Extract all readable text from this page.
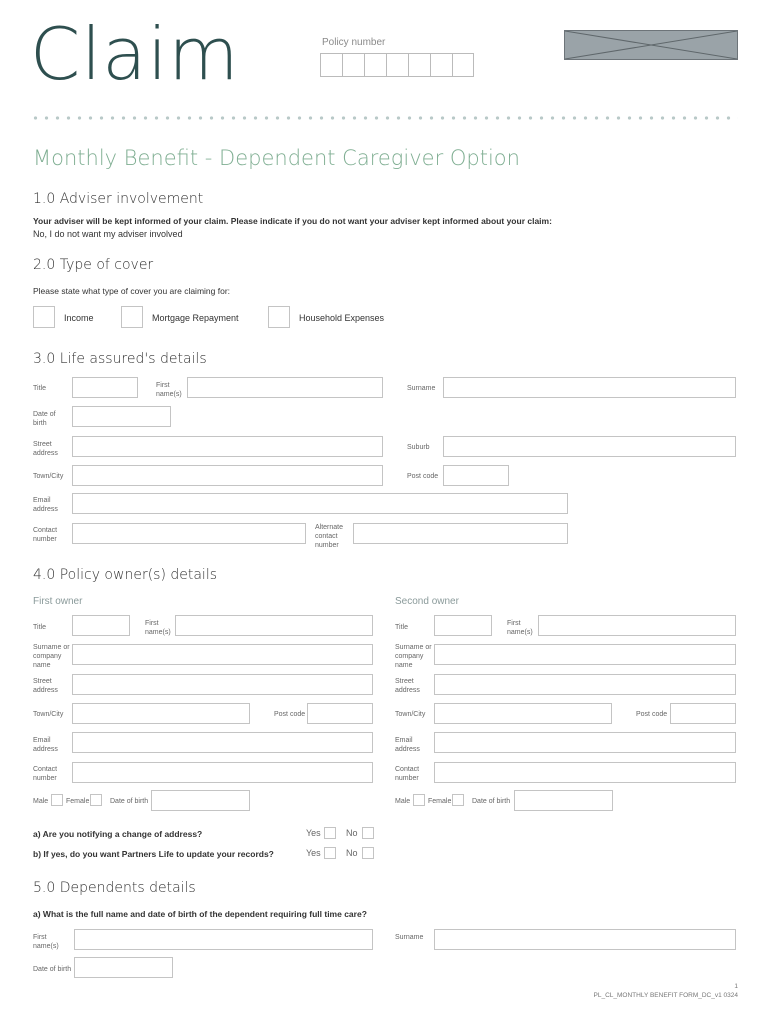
Claim	Policy number
Monthly Benefit - Dependent Caregiver Option
1.0 Adviser involvement
Your adviser will be kept informed of your claim. Please indicate if you do not want your adviser kept informed about your claim:
No, I do not want my adviser involved
2.0 Type of cover
Please state what type of cover you are claiming for:
Income	Mortgage Repayment	Household Expenses
3.0 Life assured's details
Title	First name(s)
Surname
Date of birth
Street address
Suburb
Town/City	Post code
Email address
Contact number
Alternate contact number
4.0 Policy owner(s) details
First owner	Second owner
Title
First name(s)
Surname or company name
Street address
Town/City	Post code
Email address
Contact number
Male	Female	Date of birth
Title
First name(s)
Surname or company name
Street address
Town/City	Post code
Email address
Contact number
Male	Female	Date of birth
a) Are you notifying a change of address?	Yes	No
b) If yes, do you want Partners Life to update your records?	Yes	No
5.0 Dependents details
a) What is the full name and date of birth of the dependent requiring full time care?
First name(s)
Surname
Date of birth
1
PL_CL_MONTHLY BENEFIT FORM_DC_v1 0324
